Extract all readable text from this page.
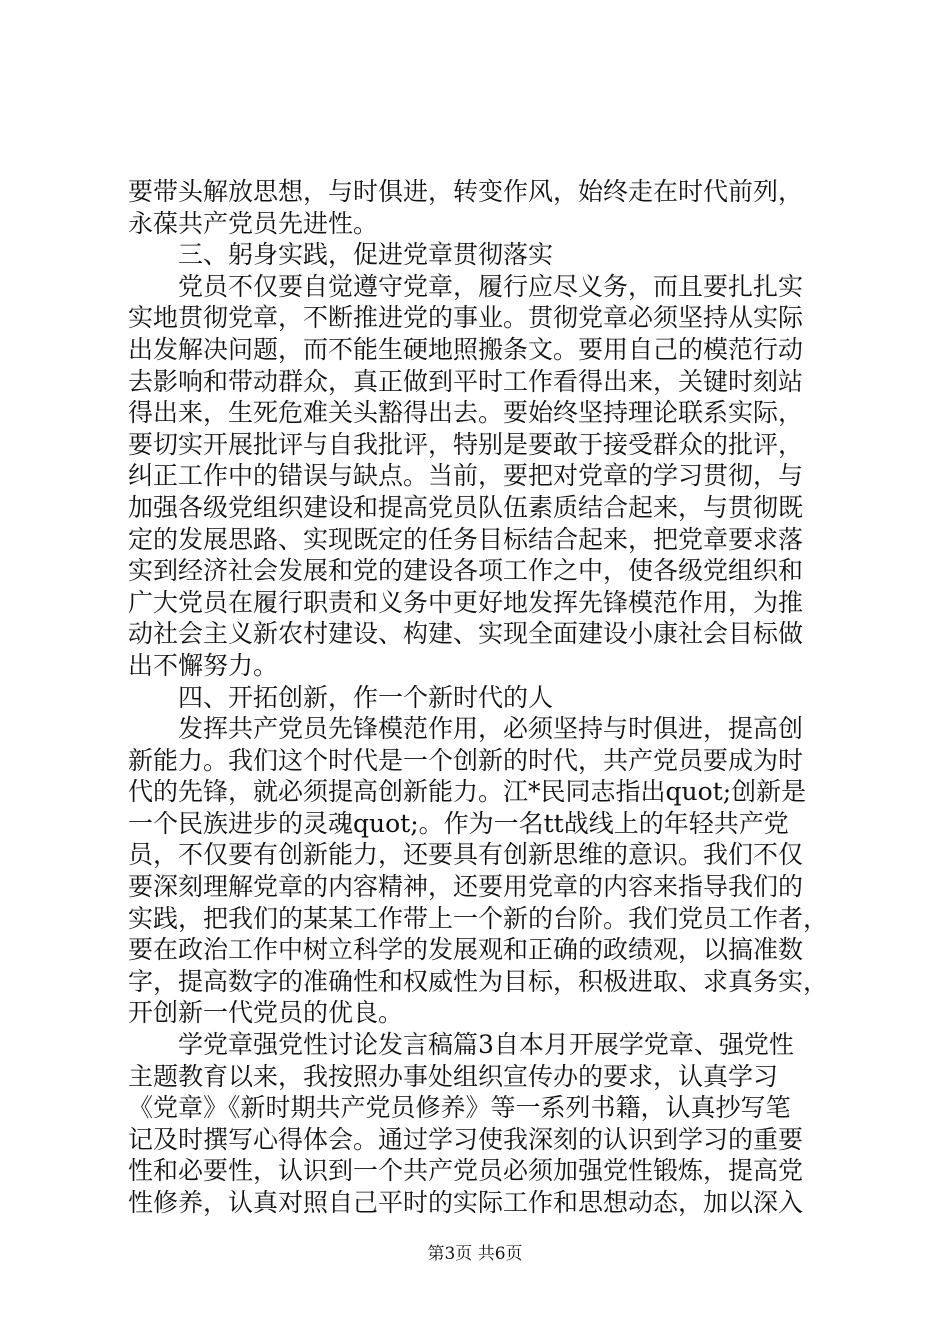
要带头解放思想，与时俱进，转变作风，始终走在时代前列，
永葆共产党员先进性。
三、躬身实践，促进党章贯彻落实
党员不仅要自觉遵守党章，履行应尽义务，而且要扎扎实
实地贯彻党章，不断推进党的事业。贯彻党章必须坚持从实际
出发解决问题，而不能生硬地照搬条文。要用自己的模范行动
去影响和带动群众，真正做到平时工作看得出来，关键时刻站
得出来，生死危难关头豁得出去。要始终坚持理论联系实际，
要切实开展批评与自我批评，特别是要敢于接受群众的批评，
纠正工作中的错误与缺点。当前，要把对党章的学习贯彻，与
加强各级党组织建设和提高党员队伍素质结合起来，与贯彻既
定的发展思路、实现既定的任务目标结合起来，把党章要求落
实到经济社会发展和党的建设各项工作之中，使各级党组织和
广大党员在履行职责和义务中更好地发挥先锋模范作用，为推
动社会主义新农村建设、构建、实现全面建设小康社会目标做
出不懈努力。
四、开拓创新，作一个新时代的人
发挥共产党员先锋模范作用，必须坚持与时俱进，提高创
新能力。我们这个时代是一个创新的时代，共产党员要成为时
代的先锋，就必须提高创新能力。江*民同志指出quot;创新是
一个民族进步的灵魂quot;。作为一名tt战线上的年轻共产党
员，不仅要有创新能力，还要具有创新思维的意识。我们不仅
要深刻理解党章的内容精神，还要用党章的内容来指导我们的
实践，把我们的某某工作带上一个新的台阶。我们党员工作者，
要在政治工作中树立科学的发展观和正确的政绩观，以搞准数
字，提高数字的准确性和权威性为目标，积极进取、求真务实，
开创新一代党员的优良。
学党章强党性讨论发言稿篇3自本月开展学党章、强党性
主题教育以来，我按照办事处组织宣传办的要求，认真学习
《党章》《新时期共产党员修养》等一系列书籍，认真抄写笔
记及时撰写心得体会。通过学习使我深刻的认识到学习的重要
性和必要性，认识到一个共产党员必须加强党性锻炼，提高党
性修养，认真对照自己平时的实际工作和思想动态，加以深入
第3页 共6页
